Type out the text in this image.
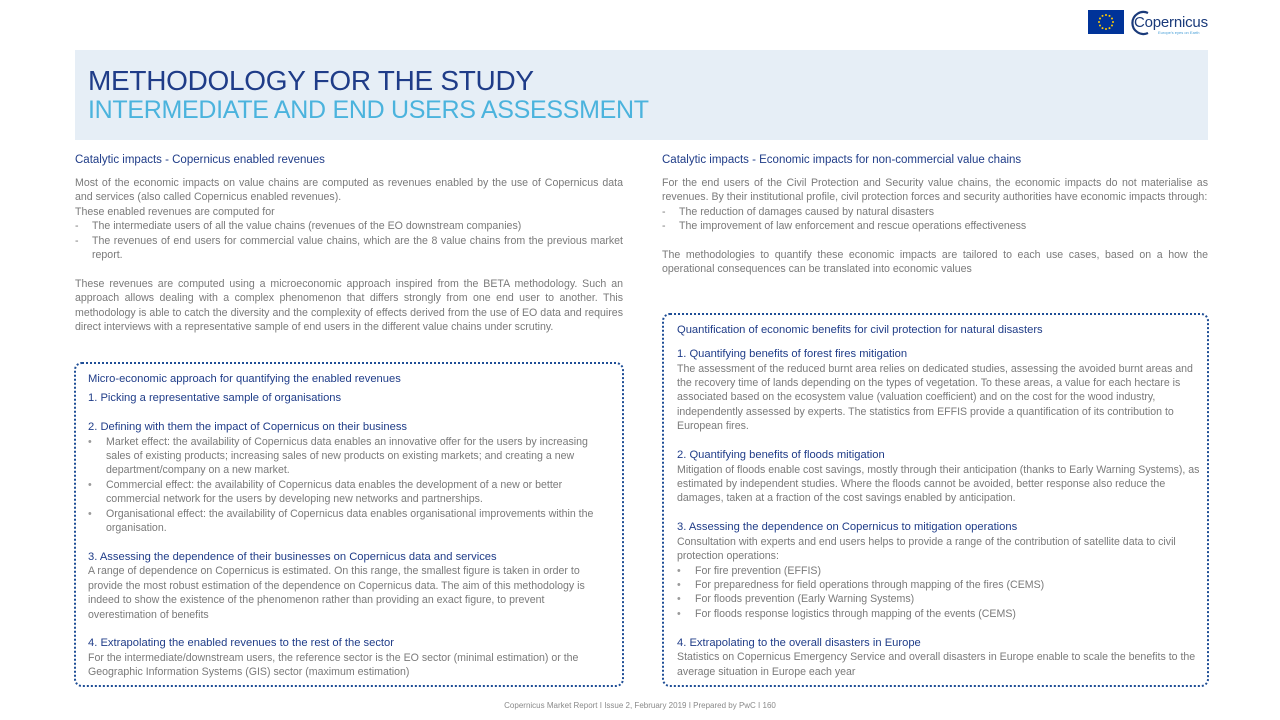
Copernicus
Europe's eyes on Earth
METHODOLOGY FOR THE STUDY
INTERMEDIATE AND END USERS ASSESSMENT
Catalytic impacts - Copernicus enabled revenues

Most of the economic impacts on value chains are computed as revenues enabled by the use of Copernicus data and services (also called Copernicus enabled revenues).

These enabled revenues are computed for

- The intermediate users of all the value chains (revenues of the EO downstream companies)
- The revenues of end users for commercial value chains, which are the 8 value chains from the previous market report.

These revenues are computed using a microeconomic approach inspired from the BETA methodology. Such an approach allows dealing with a complex phenomenon that differs strongly from one end user to another. This methodology is able to catch the diversity and the complexity of effects derived from the use of EO data and requires direct interviews with a representative sample of end users in the different value chains under scrutiny.

Micro-economic approach for quantifying the enabled revenues
1. Picking a representative sample of organisations
2. Defining with them the impact of Copernicus on their business
• Market effect: the availability of Copernicus data enables an innovative offer for the users by increasing sales of existing products; increasing sales of new products on existing markets; and creating a new department/company on a new market.
• Commercial effect: the availability of Copernicus data enables the development of a new or better commercial network for the users by developing new networks and partnerships.
• Organisational effect: the availability of Copernicus data enables organisational improvements within the organisation.
3. Assessing the dependence of their businesses on Copernicus data and services

A range of dependence on Copernicus is estimated. On this range, the smallest figure is taken in order to provide the most robust estimation of the dependence on Copernicus data. The aim of this methodology is indeed to show the existence of the phenomenon rather than providing an exact figure, to prevent overestimation of benefits

4. Extrapolating the enabled revenues to the rest of the sector

For the intermediate/downstream users, the reference sector is the EO sector (minimal estimation) or the Geographic Information Systems (GIS) sector (maximum estimation)

Catalytic impacts - Economic impacts for non-commercial value chains

For the end users of the Civil Protection and Security value chains, the economic impacts do not materialise as revenues. By their institutional profile, civil protection forces and security authorities have economic impacts through:

- The reduction of damages caused by natural disasters
- The improvement of law enforcement and rescue operations effectiveness

The methodologies to quantify these economic impacts are tailored to each use cases, based on a how the operational consequences can be translated into economic values

Quantification of economic benefits for civil protection for natural disasters
1. Quantifying benefits of forest fires mitigation

The assessment of the reduced burnt area relies on dedicated studies, assessing the avoided burnt areas and the recovery time of lands depending on the types of vegetation. To these areas, a value for each hectare is associated based on the ecosystem value (valuation coefficient) and on the cost for the wood industry, independently assessed by experts. The statistics from EFFIS provide a quantification of its contribution to European fires.

2. Quantifying benefits of floods mitigation

Mitigation of floods enable cost savings, mostly through their anticipation (thanks to Early Warning Systems), as estimated by independent studies. Where the floods cannot be avoided, better response also reduce the damages, taken at a fraction of the cost savings enabled by anticipation.

3. Assessing the dependence on Copernicus to mitigation operations

Consultation with experts and end users helps to provide a range of the contribution of satellite data to civil protection operations:

• For fire prevention (EFFIS)
• For preparedness for field operations through mapping of the fires (CEMS)
• For floods prevention (Early Warning Systems)
• For floods response logistics through mapping of the events (CEMS)
4. Extrapolating to the overall disasters in Europe

Statistics on Copernicus Emergency Service and overall disasters in Europe enable to scale the benefits to the average situation in Europe each year

Copernicus Market Report I Issue 2, February 2019 I Prepared by PwC I 160
